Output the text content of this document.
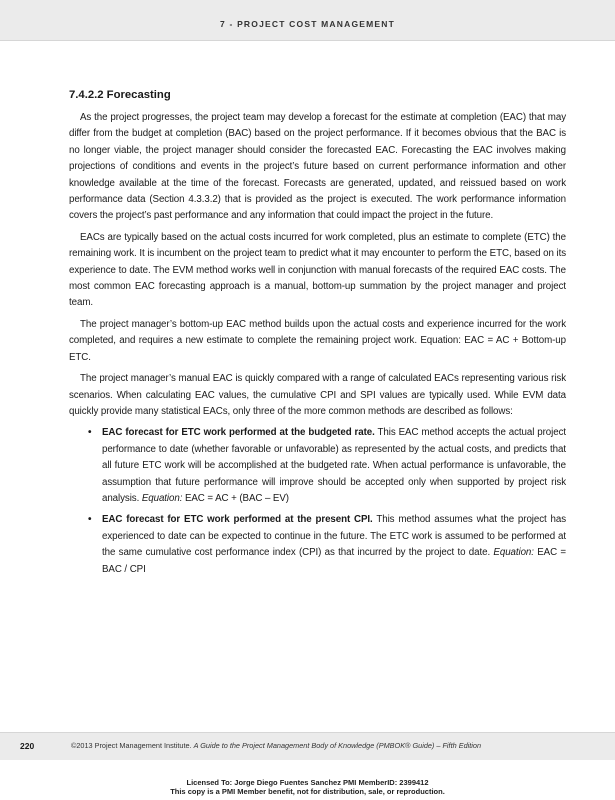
7 - PROJECT COST MANAGEMENT
7.4.2.2 Forecasting

As the project progresses, the project team may develop a forecast for the estimate at completion (EAC) that may differ from the budget at completion (BAC) based on the project performance. If it becomes obvious that the BAC is no longer viable, the project manager should consider the forecasted EAC. Forecasting the EAC involves making projections of conditions and events in the project’s future based on current performance information and other knowledge available at the time of the forecast. Forecasts are generated, updated, and reissued based on work performance data (Section 4.3.3.2) that is provided as the project is executed. The work performance information covers the project’s past performance and any information that could impact the project in the future.

EACs are typically based on the actual costs incurred for work completed, plus an estimate to complete (ETC) the remaining work. It is incumbent on the project team to predict what it may encounter to perform the ETC, based on its experience to date. The EVM method works well in conjunction with manual forecasts of the required EAC costs. The most common EAC forecasting approach is a manual, bottom-up summation by the project manager and project team.

The project manager’s bottom-up EAC method builds upon the actual costs and experience incurred for the work completed, and requires a new estimate to complete the remaining project work. Equation: EAC = AC + Bottom-up ETC.

The project manager’s manual EAC is quickly compared with a range of calculated EACs representing various risk scenarios. When calculating EAC values, the cumulative CPI and SPI values are typically used. While EVM data quickly provide many statistical EACs, only three of the more common methods are described as follows:

• EAC forecast for ETC work performed at the budgeted rate. This EAC method accepts the actual project performance to date (whether favorable or unfavorable) as represented by the actual costs, and predicts that all future ETC work will be accomplished at the budgeted rate. When actual performance is unfavorable, the assumption that future performance will improve should be accepted only when supported by project risk analysis. Equation: EAC = AC + (BAC – EV)
• EAC forecast for ETC work performed at the present CPI. This method assumes what the project has experienced to date can be expected to continue in the future. The ETC work is assumed to be performed at the same cumulative cost performance index (CPI) as that incurred by the project to date. Equation: EAC = BAC / CPI
220	©2013 Project Management Institute. A Guide to the Project Management Body of Knowledge (PMBOK® Guide) – Fifth Edition
Licensed To: Jorge Diego Fuentes Sanchez PMI MemberID: 2399412
This copy is a PMI Member benefit, not for distribution, sale, or reproduction.
